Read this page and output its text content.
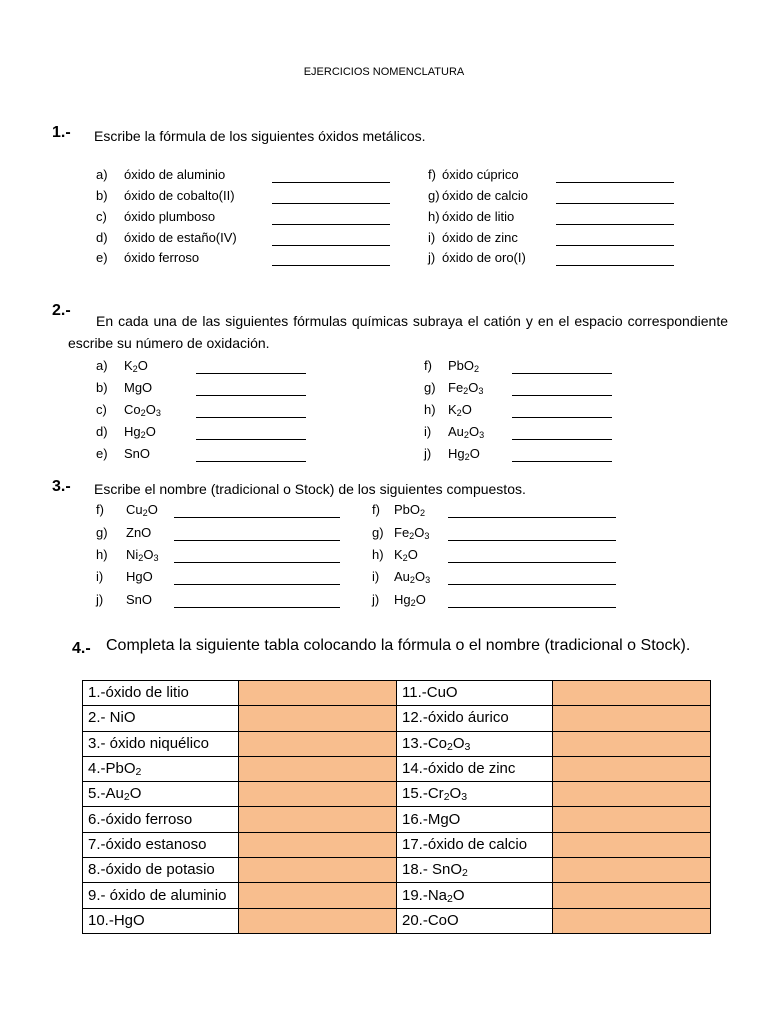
EJERCICIOS NOMENCLATURA
1.- Escribe la fórmula de los siguientes óxidos metálicos.
a) óxido de aluminio
b) óxido de cobalto(II)
c) óxido plumboso
d) óxido de estaño(IV)
e) óxido ferroso
f) óxido cúprico
g) óxido de calcio
h) óxido de litio
i) óxido de zinc
j) óxido de oro(I)
2.-
En cada una de las siguientes fórmulas químicas subraya el catión y en el espacio correspondiente escribe su número de oxidación.
a) $K_2O$
b) MgO
c) $Co_2O_3$
d) $Hg_2O$
e) SnO
f) PbO$_2$
g) $Fe_2O_3$
h) $K_2O$
i) $Au_2O_3$
j) $Hg_2O$
3.- Escribe el nombre (tradicional o Stock) de los siguientes compuestos.
f) $Cu_2O$
g) ZnO
h) $Ni_2O_3$
i) HgO
j) SnO
f) PbO$_2$
g) $Fe_2O_3$
h) $K_2O$
i) $Au_2O_3$
j) $Hg_2O$
4.- Completa la siguiente tabla colocando la fórmula o el nombre (tradicional o Stock).
1.-óxido de litio		11.-CuO	
2.- NiO		12.-óxido áurico	
3.- óxido niquélico		$13.-Co_2O_3$	
4.-PbO$_2$		14.-óxido de zinc	
$5.-Au_2O$		$15.-Cr_2O_3$	
6.-óxido ferroso		16.-MgO	
7.-óxido estanoso		17.-óxido de calcio	
8.-óxido de potasio		18.- SnO$_2$	
9.- óxido de aluminio		$19.-Na_2O$	
10.-HgO		20.-CoO	
